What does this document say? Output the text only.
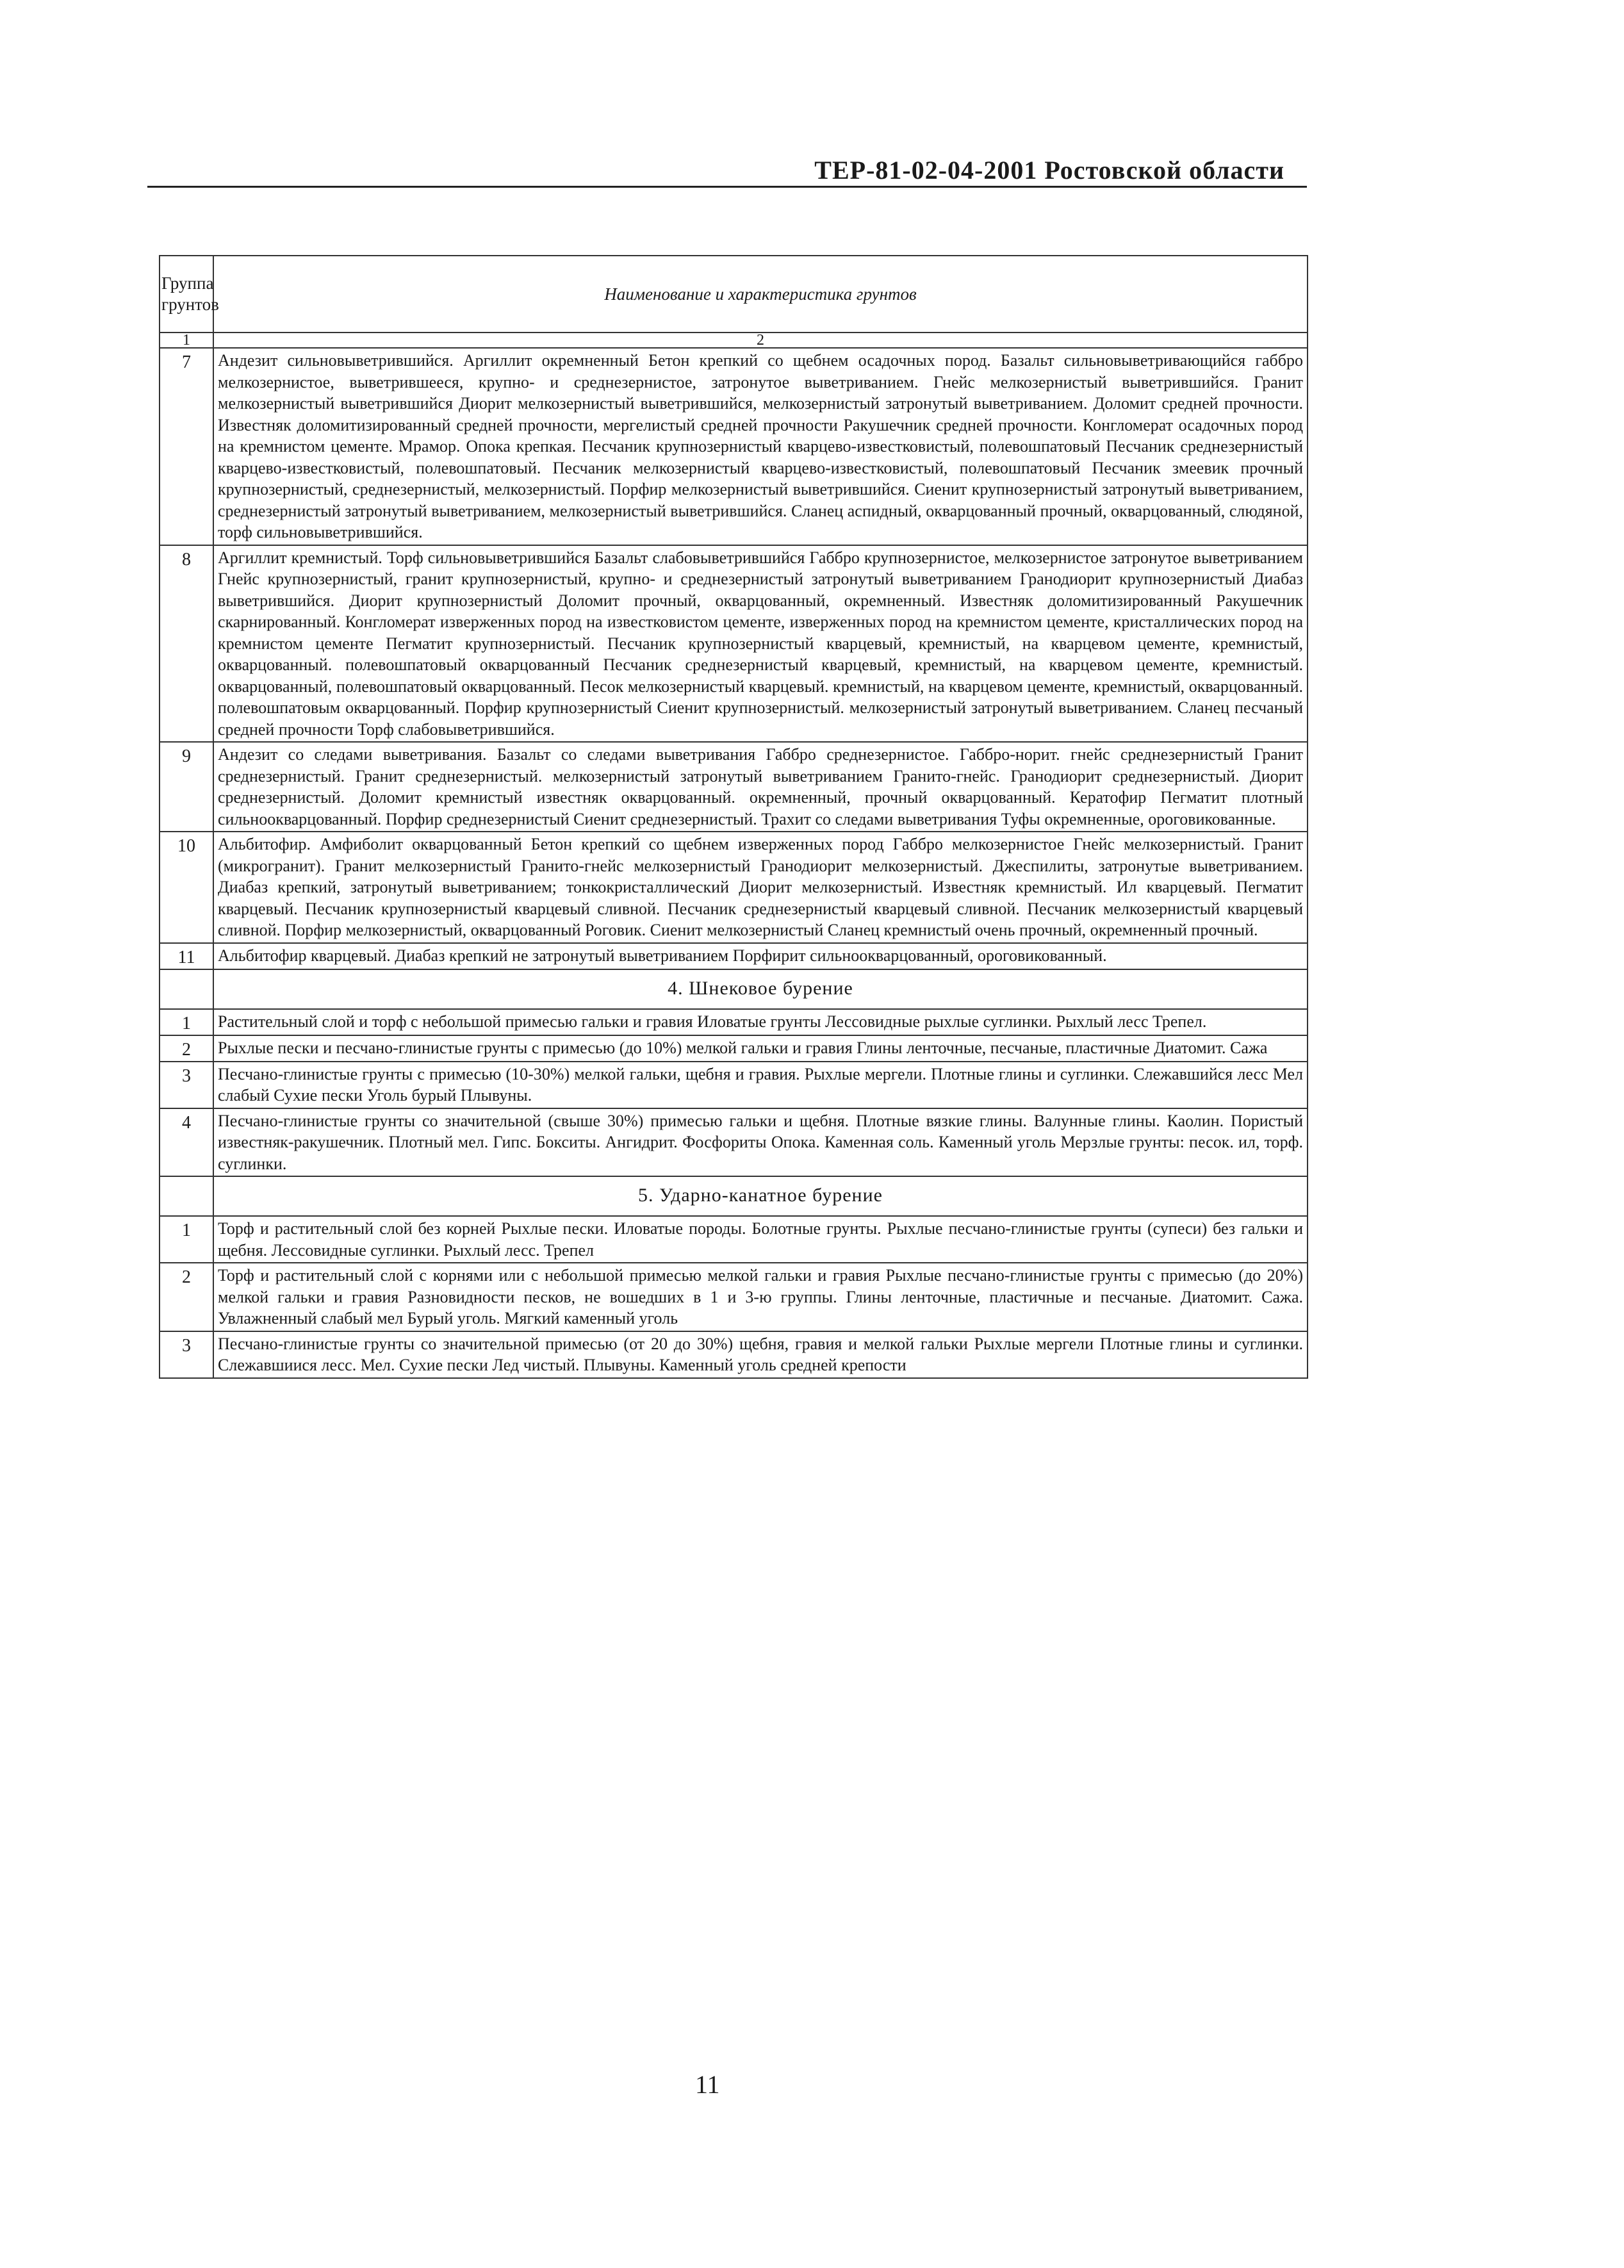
ТЕР-81-02-04-2001 Ростовской области
Группа грунтов	Наименование и характеристика грунтов
1	2
7	Андезит сильновыветрившийся. Аргиллит окремненный Бетон крепкий со щебнем осадочных пород. Базальт сильновыветривающийся габбро мелкозернистое, выветрившееся, крупно- и среднезернистое, затронутое выветриванием. Гнейс мелкозернистый выветрившийся. Гранит мелкозернистый выветрившийся Диорит мелкозернистый выветрившийся, мелкозернистый затронутый выветриванием. Доломит средней прочности. Известняк доломитизированный средней прочности, мергелистый средней прочности Ракушечник средней прочности. Конгломерат осадочных пород на кремнистом цементе. Мрамор. Опока крепкая. Песчаник крупнозернистый кварцево-известковистый, полевошпатовый Песчаник среднезернистый кварцево-известковистый, полевошпатовый. Песчаник мелкозернистый кварцево-известковистый, полевошпатовый Песчаник змеевик прочный крупнозернистый, среднезернистый, мелкозернистый. Порфир мелкозернистый выветрившийся. Сиенит крупнозернистый затронутый выветриванием, среднезернистый затронутый выветриванием, мелкозернистый выветрившийся. Сланец аспидный, окварцованный прочный, окварцованный, слюдяной, торф сильновыветрившийся.
8	Аргиллит кремнистый. Торф сильновыветрившийся Базальт слабовыветрившийся Габбро крупнозернистое, мелкозернистое затронутое выветриванием Гнейс крупнозернистый, гранит крупнозернистый, крупно- и среднезернистый затронутый выветриванием Гранодиорит крупнозернистый Диабаз выветрившийся. Диорит крупнозернистый Доломит прочный, окварцованный, окремненный. Известняк доломитизированный Ракушечник скарнированный. Конгломерат изверженных пород на известковистом цементе, изверженных пород на кремнистом цементе, кристаллических пород на кремнистом цементе Пегматит крупнозернистый. Песчаник крупнозернистый кварцевый, кремнистый, на кварцевом цементе, кремнистый, окварцованный. полевошпатовый окварцованный Песчаник среднезернистый кварцевый, кремнистый, на кварцевом цементе, кремнистый. окварцованный, полевошпатовый окварцованный. Песок мелкозернистый кварцевый. кремнистый, на кварцевом цементе, кремнистый, окварцованный. полевошпатовым окварцованный. Порфир крупнозернистый Сиенит крупнозернистый. мелкозернистый затронутый выветриванием. Сланец песчаный средней прочности Торф слабовыветрившийся.
9	Андезит со следами выветривания. Базальт со следами выветривания Габбро среднезернистое. Габбро-норит. гнейс среднезернистый Гранит среднезернистый. Гранит среднезернистый. мелкозернистый затронутый выветриванием Гранито-гнейс. Гранодиорит среднезернистый. Диорит среднезернистый. Доломит кремнистый известняк окварцованный. окремненный, прочный окварцованный. Кератофир Пегматит плотный сильноокварцованный. Порфир среднезернистый Сиенит среднезернистый. Трахит со следами выветривания Туфы окремненные, ороговикованные.
10	Альбитофир. Амфиболит окварцованный Бетон крепкий со щебнем изверженных пород Габбро мелкозернистое Гнейс мелкозернистый. Гранит (микрогранит). Гранит мелкозернистый Гранито-гнейс мелкозернистый Гранодиорит мелкозернистый. Джеспилиты, затронутые выветриванием. Диабаз крепкий, затронутый выветриванием; тонкокристаллический Диорит мелкозернистый. Известняк кремнистый. Ил кварцевый. Пегматит кварцевый. Песчаник крупнозернистый кварцевый сливной. Песчаник среднезернистый кварцевый сливной. Песчаник мелкозернистый кварцевый сливной. Порфир мелкозернистый, окварцованный Роговик. Сиенит мелкозернистый Сланец кремнистый очень прочный, окремненный прочный.
11	Альбитофир кварцевый. Диабаз крепкий не затронутый выветриванием Порфирит сильноокварцованный, ороговикованный.
	4. Шнековое бурение
1	Растительный слой и торф с небольшой примесью гальки и гравия Иловатые грунты Лессовидные рыхлые суглинки. Рыхлый лесс Трепел.
2	Рыхлые пески и песчано-глинистые грунты с примесью (до 10%) мелкой гальки и гравия Глины ленточные, песчаные, пластичные Диатомит. Сажа
3	Песчано-глинистые грунты с примесью (10-30%) мелкой гальки, щебня и гравия. Рыхлые мергели. Плотные глины и суглинки. Слежавшийся лесс Мел слабый Сухие пески Уголь бурый Плывуны.
4	Песчано-глинистые грунты со значительной (свыше 30%) примесью гальки и щебня. Плотные вязкие глины. Валунные глины. Каолин. Пористый известняк-ракушечник. Плотный мел. Гипс. Бокситы. Ангидрит. Фосфориты Опока. Каменная соль. Каменный уголь Мерзлые грунты: песок. ил, торф. суглинки.
	5. Ударно-канатное бурение
1	Торф и растительный слой без корней Рыхлые пески. Иловатые породы. Болотные грунты. Рыхлые песчано-глинистые грунты (супеси) без гальки и щебня. Лессовидные суглинки. Рыхлый лесс. Трепел
2	Торф и растительный слой с корнями или с небольшой примесью мелкой гальки и гравия Рыхлые песчано-глинистые грунты с примесью (до 20%) мелкой гальки и гравия Разновидности песков, не вошедших в 1 и 3-ю группы. Глины ленточные, пластичные и песчаные. Диатомит. Сажа. Увлажненный слабый мел Бурый уголь. Мягкий каменный уголь
3	Песчано-глинистые грунты со значительной примесью (от 20 до 30%) щебня, гравия и мелкой гальки Рыхлые мергели Плотные глины и суглинки. Слежавшиися лесс. Мел. Сухие пески Лед чистый. Плывуны. Каменный уголь средней крепости
11
